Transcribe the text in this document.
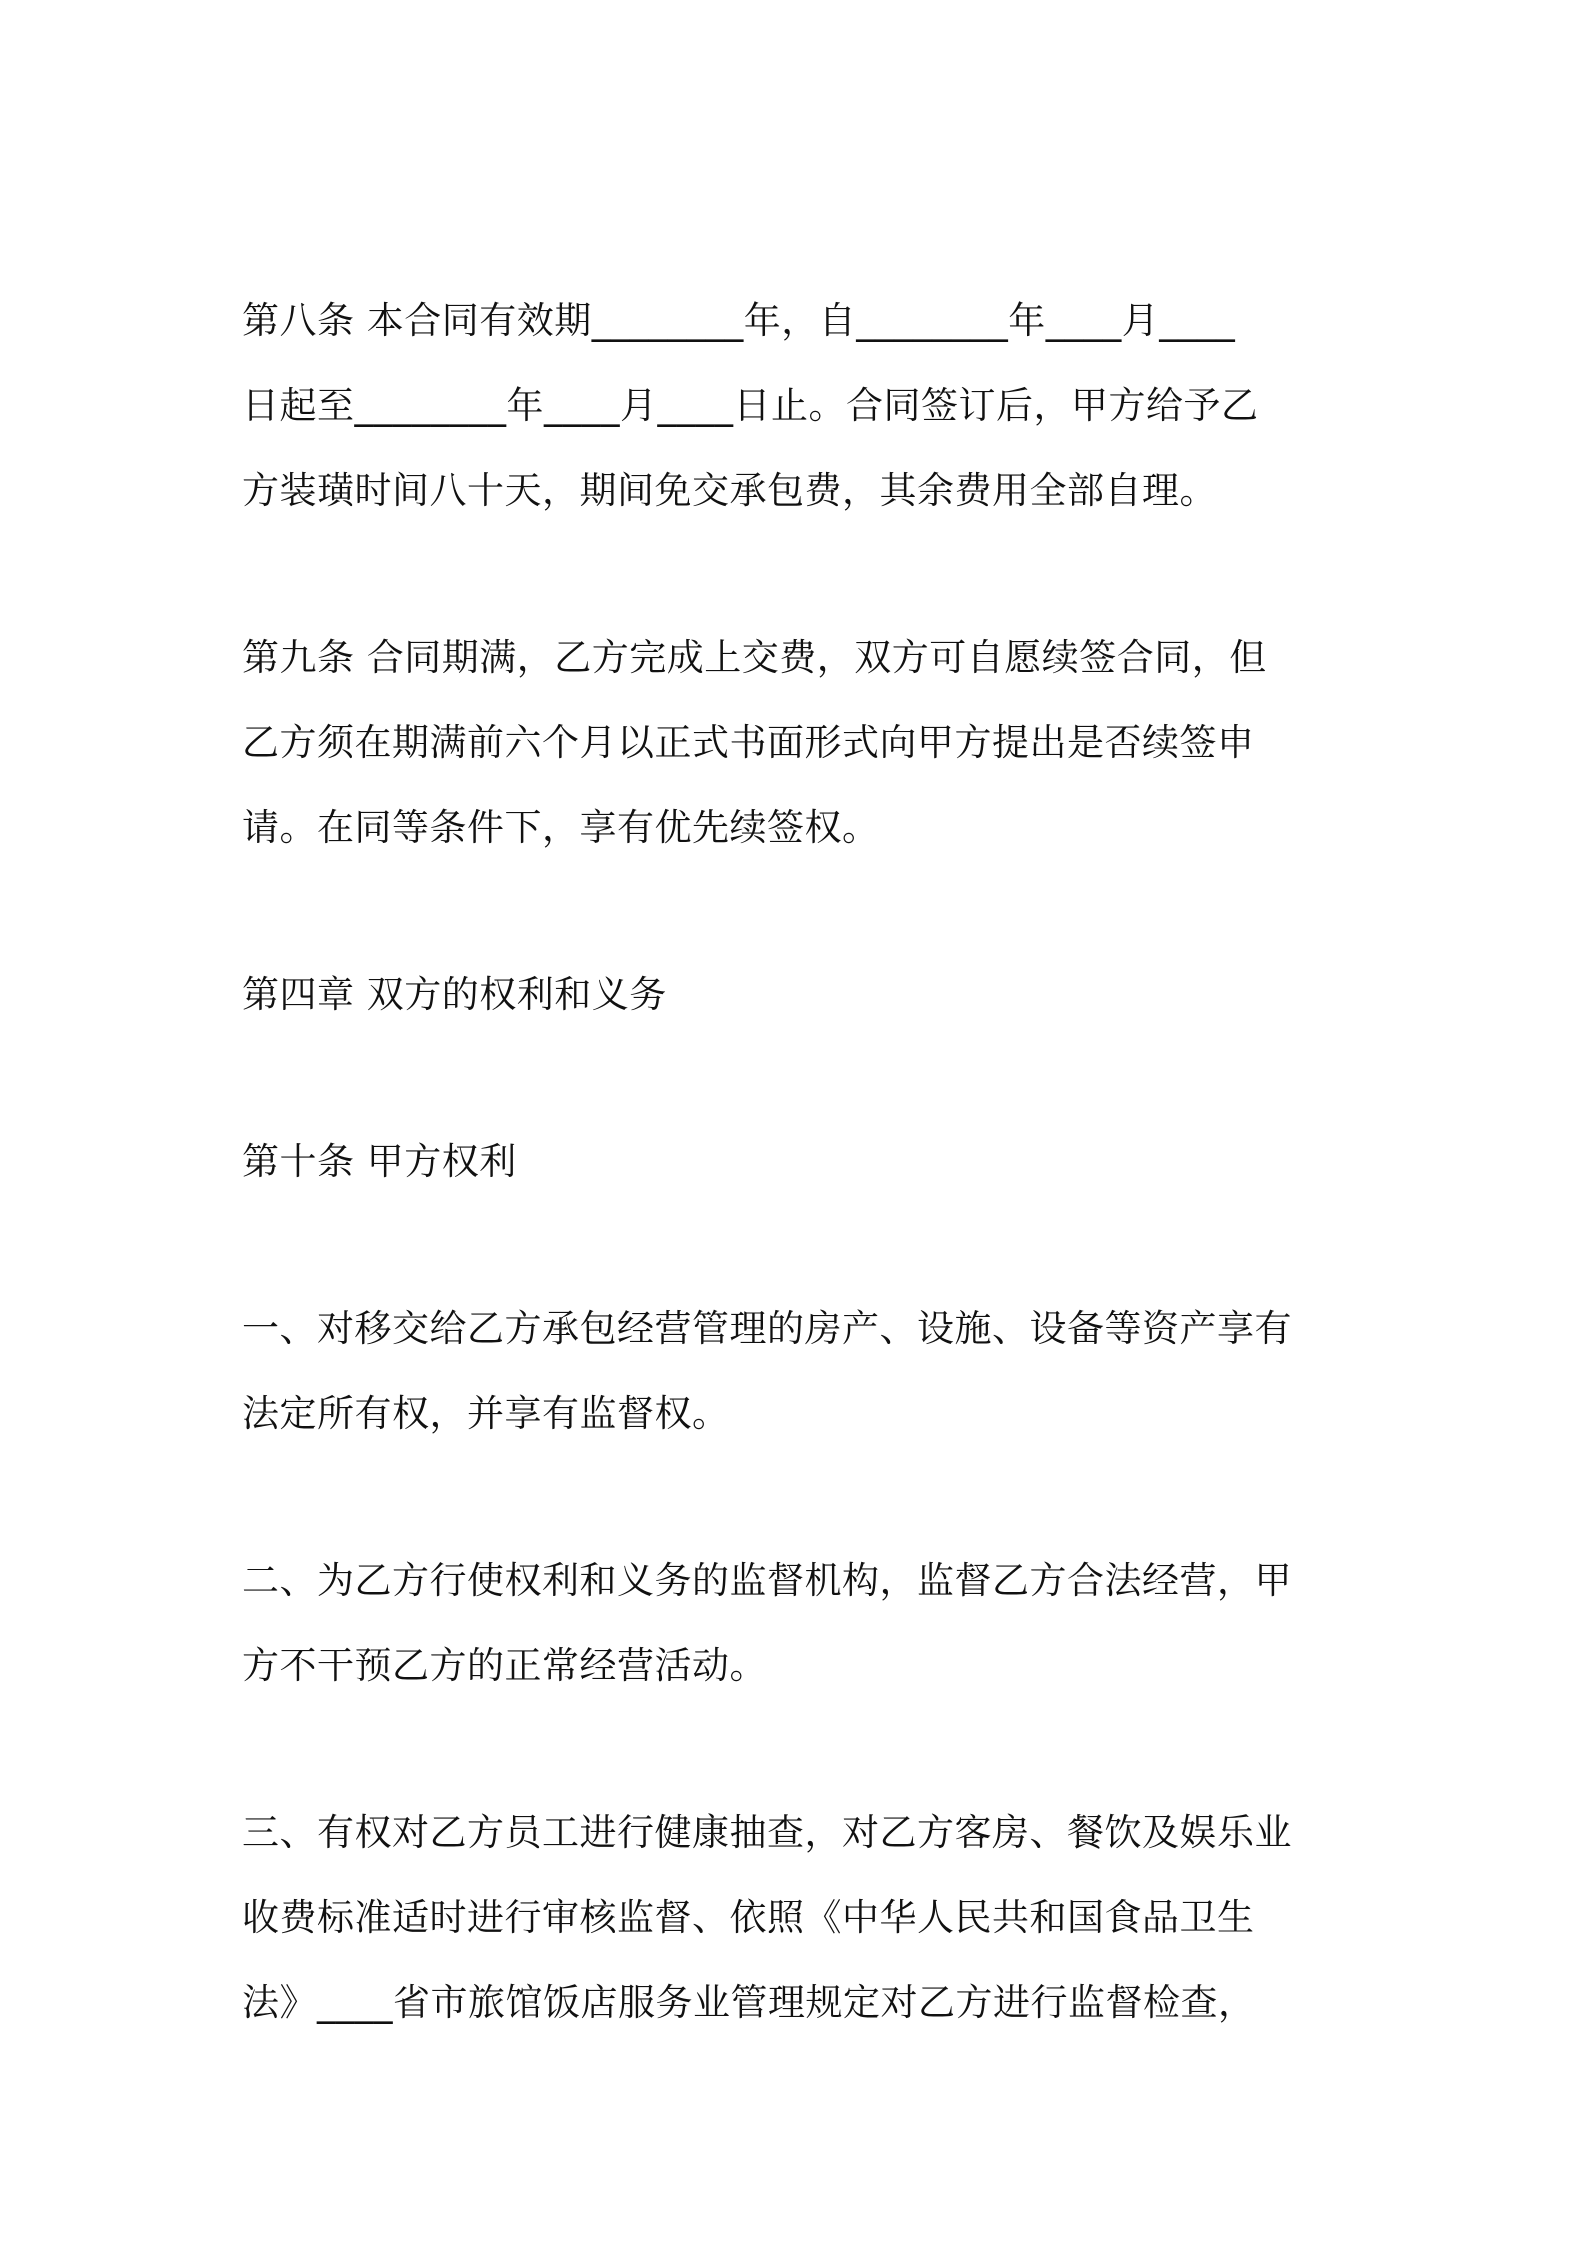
第八条 本合同有效期________年，自________年____月____
日起至________年____月____日止。合同签订后，甲方给予乙
方装璜时间八十天，期间免交承包费，其余费用全部自理。

第九条 合同期满，乙方完成上交费，双方可自愿续签合同，但
乙方须在期满前六个月以正式书面形式向甲方提出是否续签申
请。在同等条件下，享有优先续签权。

第四章 双方的权利和义务

第十条 甲方权利

一、对移交给乙方承包经营管理的房产、设施、设备等资产享有
法定所有权，并享有监督权。

二、为乙方行使权利和义务的监督机构，监督乙方合法经营，甲
方不干预乙方的正常经营活动。

三、有权对乙方员工进行健康抽查，对乙方客房、餐饮及娱乐业
收费标准适时进行审核监督、依照《中华人民共和国食品卫生
法》____省市旅馆饭店服务业管理规定对乙方进行监督检查，
